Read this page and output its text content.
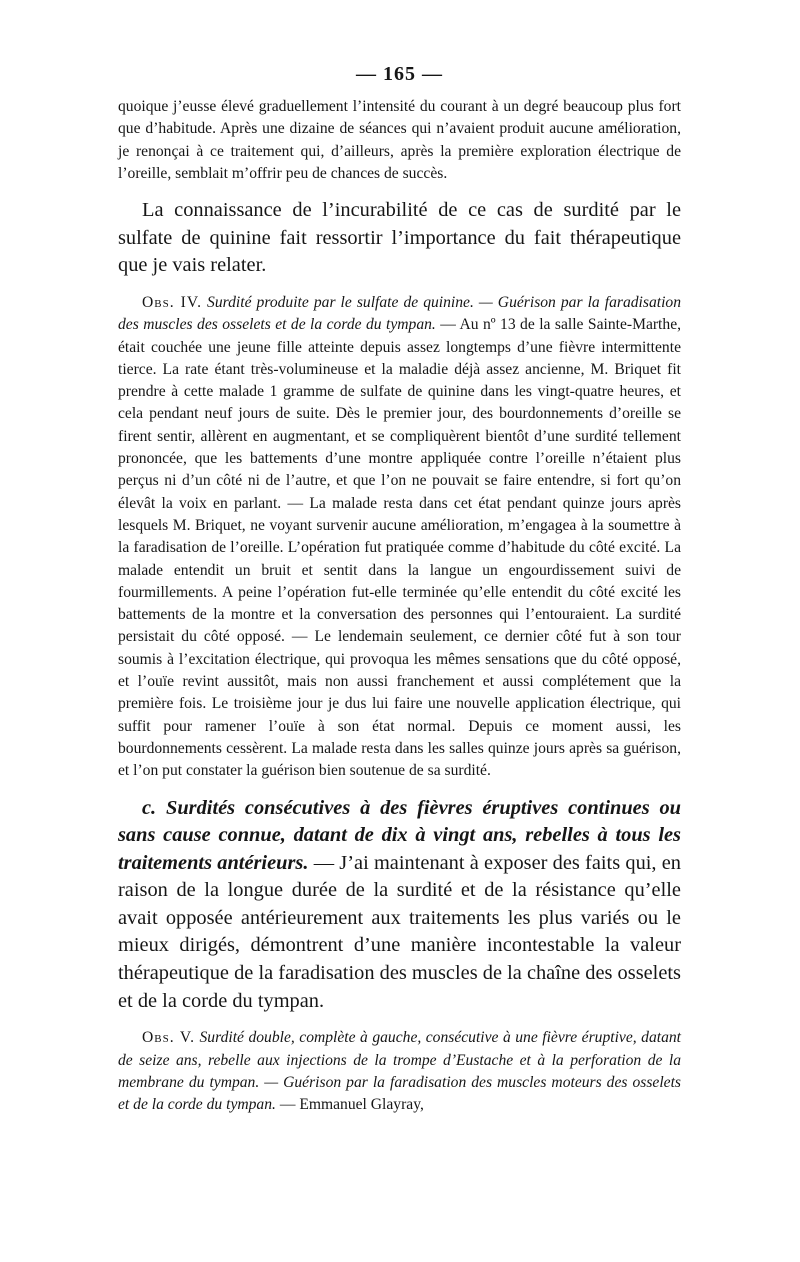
— 165 —

quoique j’eusse élevé graduellement l’intensité du courant à un degré beaucoup plus fort que d’habitude. Après une dizaine de séances qui n’avaient produit aucune amélioration, je renonçai à ce traitement qui, d’ailleurs, après la première exploration électrique de l’oreille, semblait m’offrir peu de chances de succès.

La connaissance de l’incurabilité de ce cas de surdité par le sulfate de quinine fait ressortir l’importance du fait thérapeutique que je vais relater.

Obs. IV. Surdité produite par le sulfate de quinine. — Guérison par la faradisation des muscles des osselets et de la corde du tympan. — Au nº 13 de la salle Sainte-Marthe, était couchée une jeune fille atteinte depuis assez longtemps d’une fièvre intermittente tierce. La rate étant très-volumineuse et la maladie déjà assez ancienne, M. Briquet fit prendre à cette malade 1 gramme de sulfate de quinine dans les vingt-quatre heures, et cela pendant neuf jours de suite. Dès le premier jour, des bourdonnements d’oreille se firent sentir, allèrent en augmentant, et se compliquèrent bientôt d’une surdité tellement prononcée, que les battements d’une montre appliquée contre l’oreille n’étaient plus perçus ni d’un côté ni de l’autre, et que l’on ne pouvait se faire entendre, si fort qu’on élevât la voix en parlant. — La malade resta dans cet état pendant quinze jours après lesquels M. Briquet, ne voyant survenir aucune amélioration, m’engagea à la soumettre à la faradisation de l’oreille. L’opération fut pratiquée comme d’habitude du côté excité. La malade entendit un bruit et sentit dans la langue un engourdissement suivi de fourmillements. A peine l’opération fut-elle terminée qu’elle entendit du côté excité les battements de la montre et la conversation des personnes qui l’entouraient. La surdité persistait du côté opposé. — Le lendemain seulement, ce dernier côté fut à son tour soumis à l’excitation électrique, qui provoqua les mêmes sensations que du côté opposé, et l’ouïe revint aussitôt, mais non aussi franchement et aussi complétement que la première fois. Le troisième jour je dus lui faire une nouvelle application électrique, qui suffit pour ramener l’ouïe à son état normal. Depuis ce moment aussi, les bourdonnements cessèrent. La malade resta dans les salles quinze jours après sa guérison, et l’on put constater la guérison bien soutenue de sa surdité.

c. Surdités consécutives à des fièvres éruptives continues ou sans cause connue, datant de dix à vingt ans, rebelles à tous les traitements antérieurs. — J’ai maintenant à exposer des faits qui, en raison de la longue durée de la surdité et de la résistance qu’elle avait opposée antérieurement aux traitements les plus variés ou le mieux dirigés, démontrent d’une manière incontestable la valeur thérapeutique de la faradisation des muscles de la chaîne des osselets et de la corde du tympan.

Obs. V. Surdité double, complète à gauche, consécutive à une fièvre éruptive, datant de seize ans, rebelle aux injections de la trompe d’Eustache et à la perforation de la membrane du tympan. — Guérison par la faradisation des muscles moteurs des osselets et de la corde du tympan. — Emmanuel Glayray,
